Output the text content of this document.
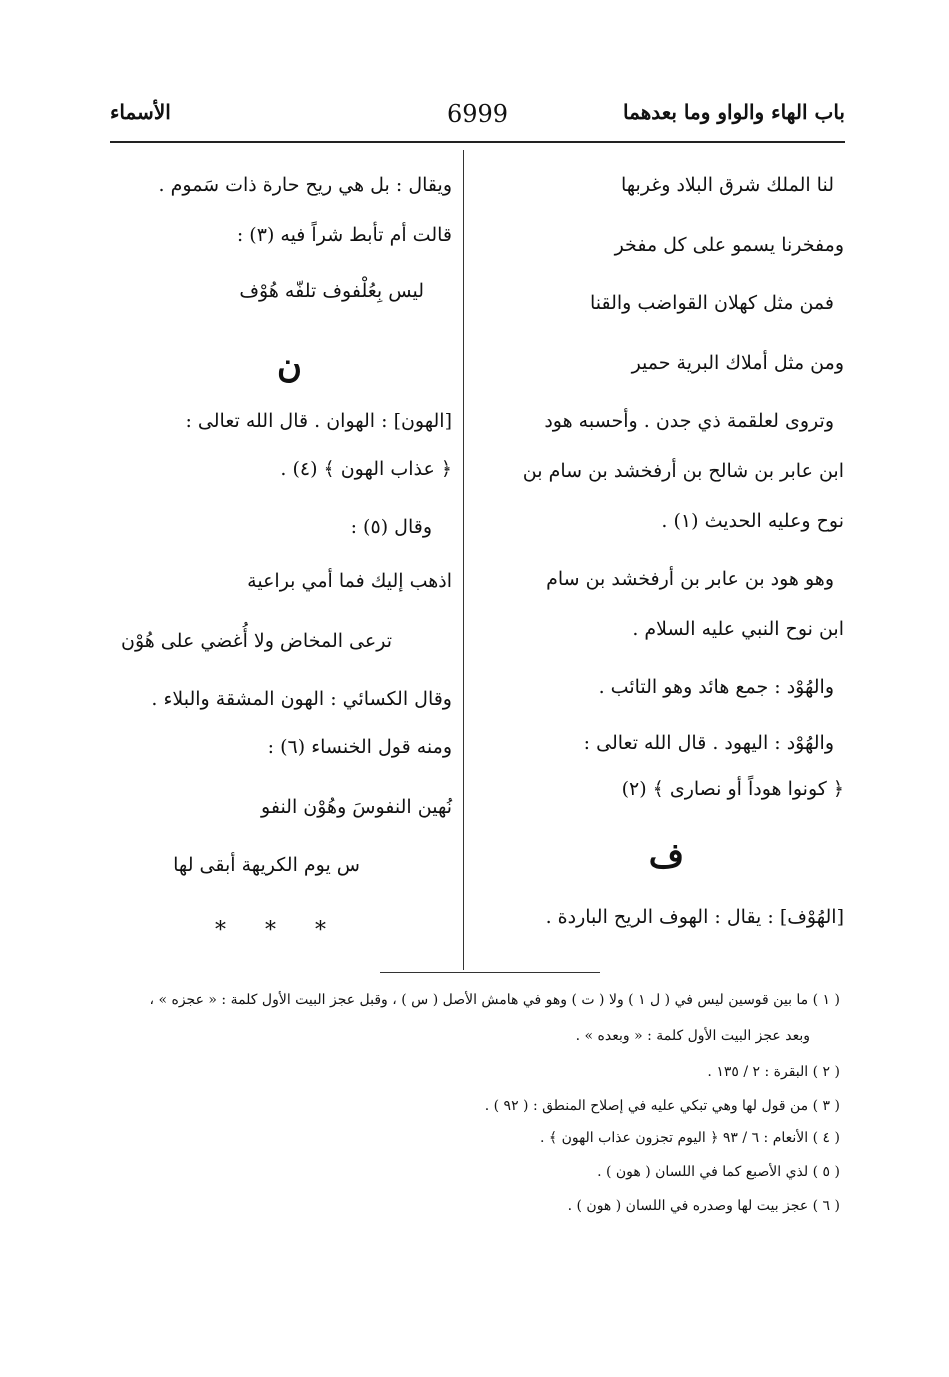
باب الهاء والواو وما بعدهما
6999
الأسماء
لنا الملك شرق البلاد وغربها
ومفخرنا يسمو على كل مفخر
فمن مثل كهلان القواضب والقنا
ومن مثل أملاك البرية حمير
وتروى لعلقمة ذي جدن . وأحسبه هود
ابن عابر بن شالح بن أرفخشد بن سام بن
نوح وعليه الحديث (١) .
وهو هود بن عابر بن أرفخشد بن سام
ابن نوح النبي عليه السلام .
والهُوْد : جمع هائد وهو التائب .
والهُوْد : اليهود . قال الله تعالى :
﴿ كونوا هوداً أو نصارى ﴾ (٢)
ف
[الهُوْف] : يقال : الهوف الريح الباردة .
ويقال : بل هي ريح حارة ذات سَموم .
قالت أم تأبط شراً فيه (٣) :
ليس بِعُلْفوف تلفّه هُوْف
ن
[الهون] : الهوان . قال الله تعالى :
﴿ عذاب الهون ﴾ (٤) .
وقال (٥) :
اذهب إليك فما أمي براعية
ترعى المخاض ولا أُغضي على هُوْن
وقال الكسائي : الهون المشقة والبلاء .
ومنه قول الخنساء (٦) :
نُهين النفوسَ وهُوْن النفو
س يوم الكريهة أبقى لها
* * *
( ١ ) ما بين قوسين ليس في ( ل ١ ) ولا ( ت ) وهو في هامش الأصل ( س ) ، وقبل عجز البيت الأول كلمة : « عجزه » ،
وبعد عجز البيت الأول كلمة : « وبعده » .
( ٢ ) البقرة : ٢ / ١٣٥ .
( ٣ ) من قول لها وهي تبكي عليه في إصلاح المنطق : ( ٩٢ ) .
( ٤ ) الأنعام : ٦ / ٩٣ ﴿ اليوم تجزون عذاب الهون ﴾ .
( ٥ ) لذي الأصبع كما في اللسان ( هون ) .
( ٦ ) عجز بيت لها وصدره في اللسان ( هون ) .
